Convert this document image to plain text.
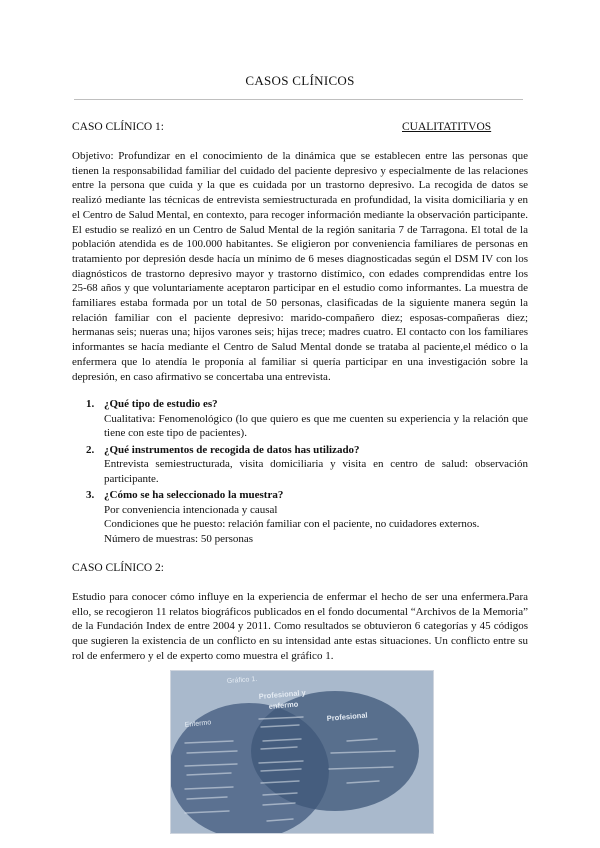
CASOS CLÍNICOS
CASO CLÍNICO 1:	CUALITATITVOS

Objetivo: Profundizar en el conocimiento de la dinámica que se establecen entre las personas que tienen la responsabilidad familiar del cuidado del paciente depresivo y especialmente de las relaciones entre la persona que cuida y la que es cuidada por un trastorno depresivo. La recogida de datos se realizó mediante las técnicas de entrevista semiestructurada en profundidad, la visita domiciliaria y en el Centro de Salud Mental, en contexto, para recoger información mediante la observación participante. El estudio se realizó en un Centro de Salud Mental de la región sanitaria 7 de Tarragona. El total de la población atendida es de 100.000 habitantes. Se eligieron por conveniencia familiares de personas en tratamiento por depresión desde hacía un mínimo de 6 meses diagnosticadas según el DSM IV con los diagnósticos de trastorno depresivo mayor y trastorno distímico, con edades comprendidas entre los 25-68 años y que voluntariamente aceptaron participar en el estudio como informantes. La muestra de familiares estaba formada por un total de 50 personas, clasificadas de la siguiente manera según la relación familiar con el paciente depresivo: marido-compañero diez; esposas-compañeras diez; hermanas seis; nueras una; hijos varones seis; hijas trece; madres cuatro. El contacto con los familiares informantes se hacía mediante el Centro de Salud Mental donde se trataba al paciente,el médico o la enfermera que lo atendía le proponía al familiar si quería participar en una investigación sobre la depresión, en caso afirmativo se concertaba una entrevista.

1. ¿Qué tipo de estudio es?
Cualitativa: Fenomenológico (lo que quiero es que me cuenten su experiencia y la relación que tiene con este tipo de pacientes).
2. ¿Qué instrumentos de recogida de datos has utilizado?
Entrevista semiestructurada, visita domiciliaria y visita en centro de salud: observación participante.
3. ¿Cómo se ha seleccionado la muestra?
Por conveniencia intencionada y causal
Condiciones que he puesto: relación familiar con el paciente, no cuidadores externos.
Número de muestras: 50 personas
CASO CLÍNICO 2:

Estudio para conocer cómo influye en la experiencia de enfermar el hecho de ser una enfermera.Para ello, se recogieron 11 relatos biográficos publicados en el fondo documental “Archivos de la Memoria” de la Fundación Index de entre 2004 y 2011. Como resultados se obtuvieron 6 categorías y 45 códigos que sugieren la existencia de un conflicto en su intensidad ante estas situaciones. Un conflicto entre su rol de enfermero y el de experto como muestra el gráfico 1.

Gráfico 1.
Enfermo
Profesional y
enfermo
Profesional
